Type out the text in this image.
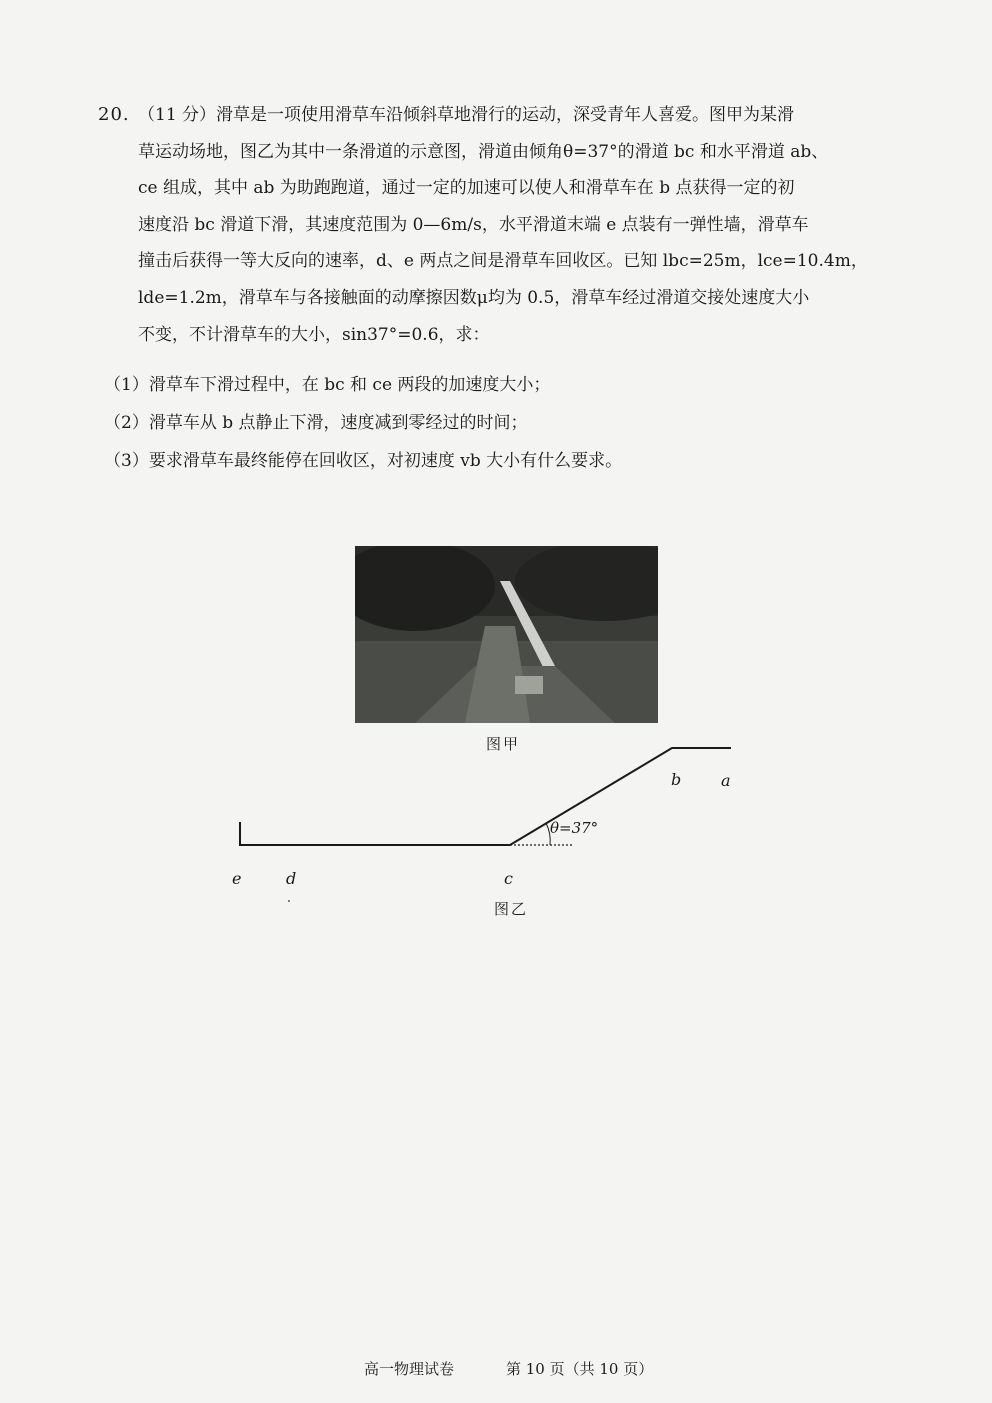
20. （11 分）滑草是一项使用滑草车沿倾斜草地滑行的运动，深受青年人喜爱。图甲为某滑
草运动场地，图乙为其中一条滑道的示意图，滑道由倾角θ=37°的滑道 bc 和水平滑道 ab、
ce 组成，其中 ab 为助跑跑道，通过一定的加速可以使人和滑草车在 b 点获得一定的初
速度沿 bc 滑道下滑，其速度范围为 0—6m/s，水平滑道末端 e 点装有一弹性墙，滑草车
撞击后获得一等大反向的速率，d、e 两点之间是滑草车回收区。已知 lbc=25m，lce=10.4m，
lde=1.2m，滑草车与各接触面的动摩擦因数μ均为 0.5，滑草车经过滑道交接处速度大小
不变，不计滑草车的大小，sin37°=0.6，求：
（1）滑草车下滑过程中，在 bc 和 ce 两段的加速度大小；
（2）滑草车从 b 点静止下滑，速度减到零经过的时间；
（3）要求滑草车最终能停在回收区，对初速度 vb 大小有什么要求。
图甲
θ=37°
b a
c
d
e
图乙
高一物理试卷	第 10 页（共 10 页）
